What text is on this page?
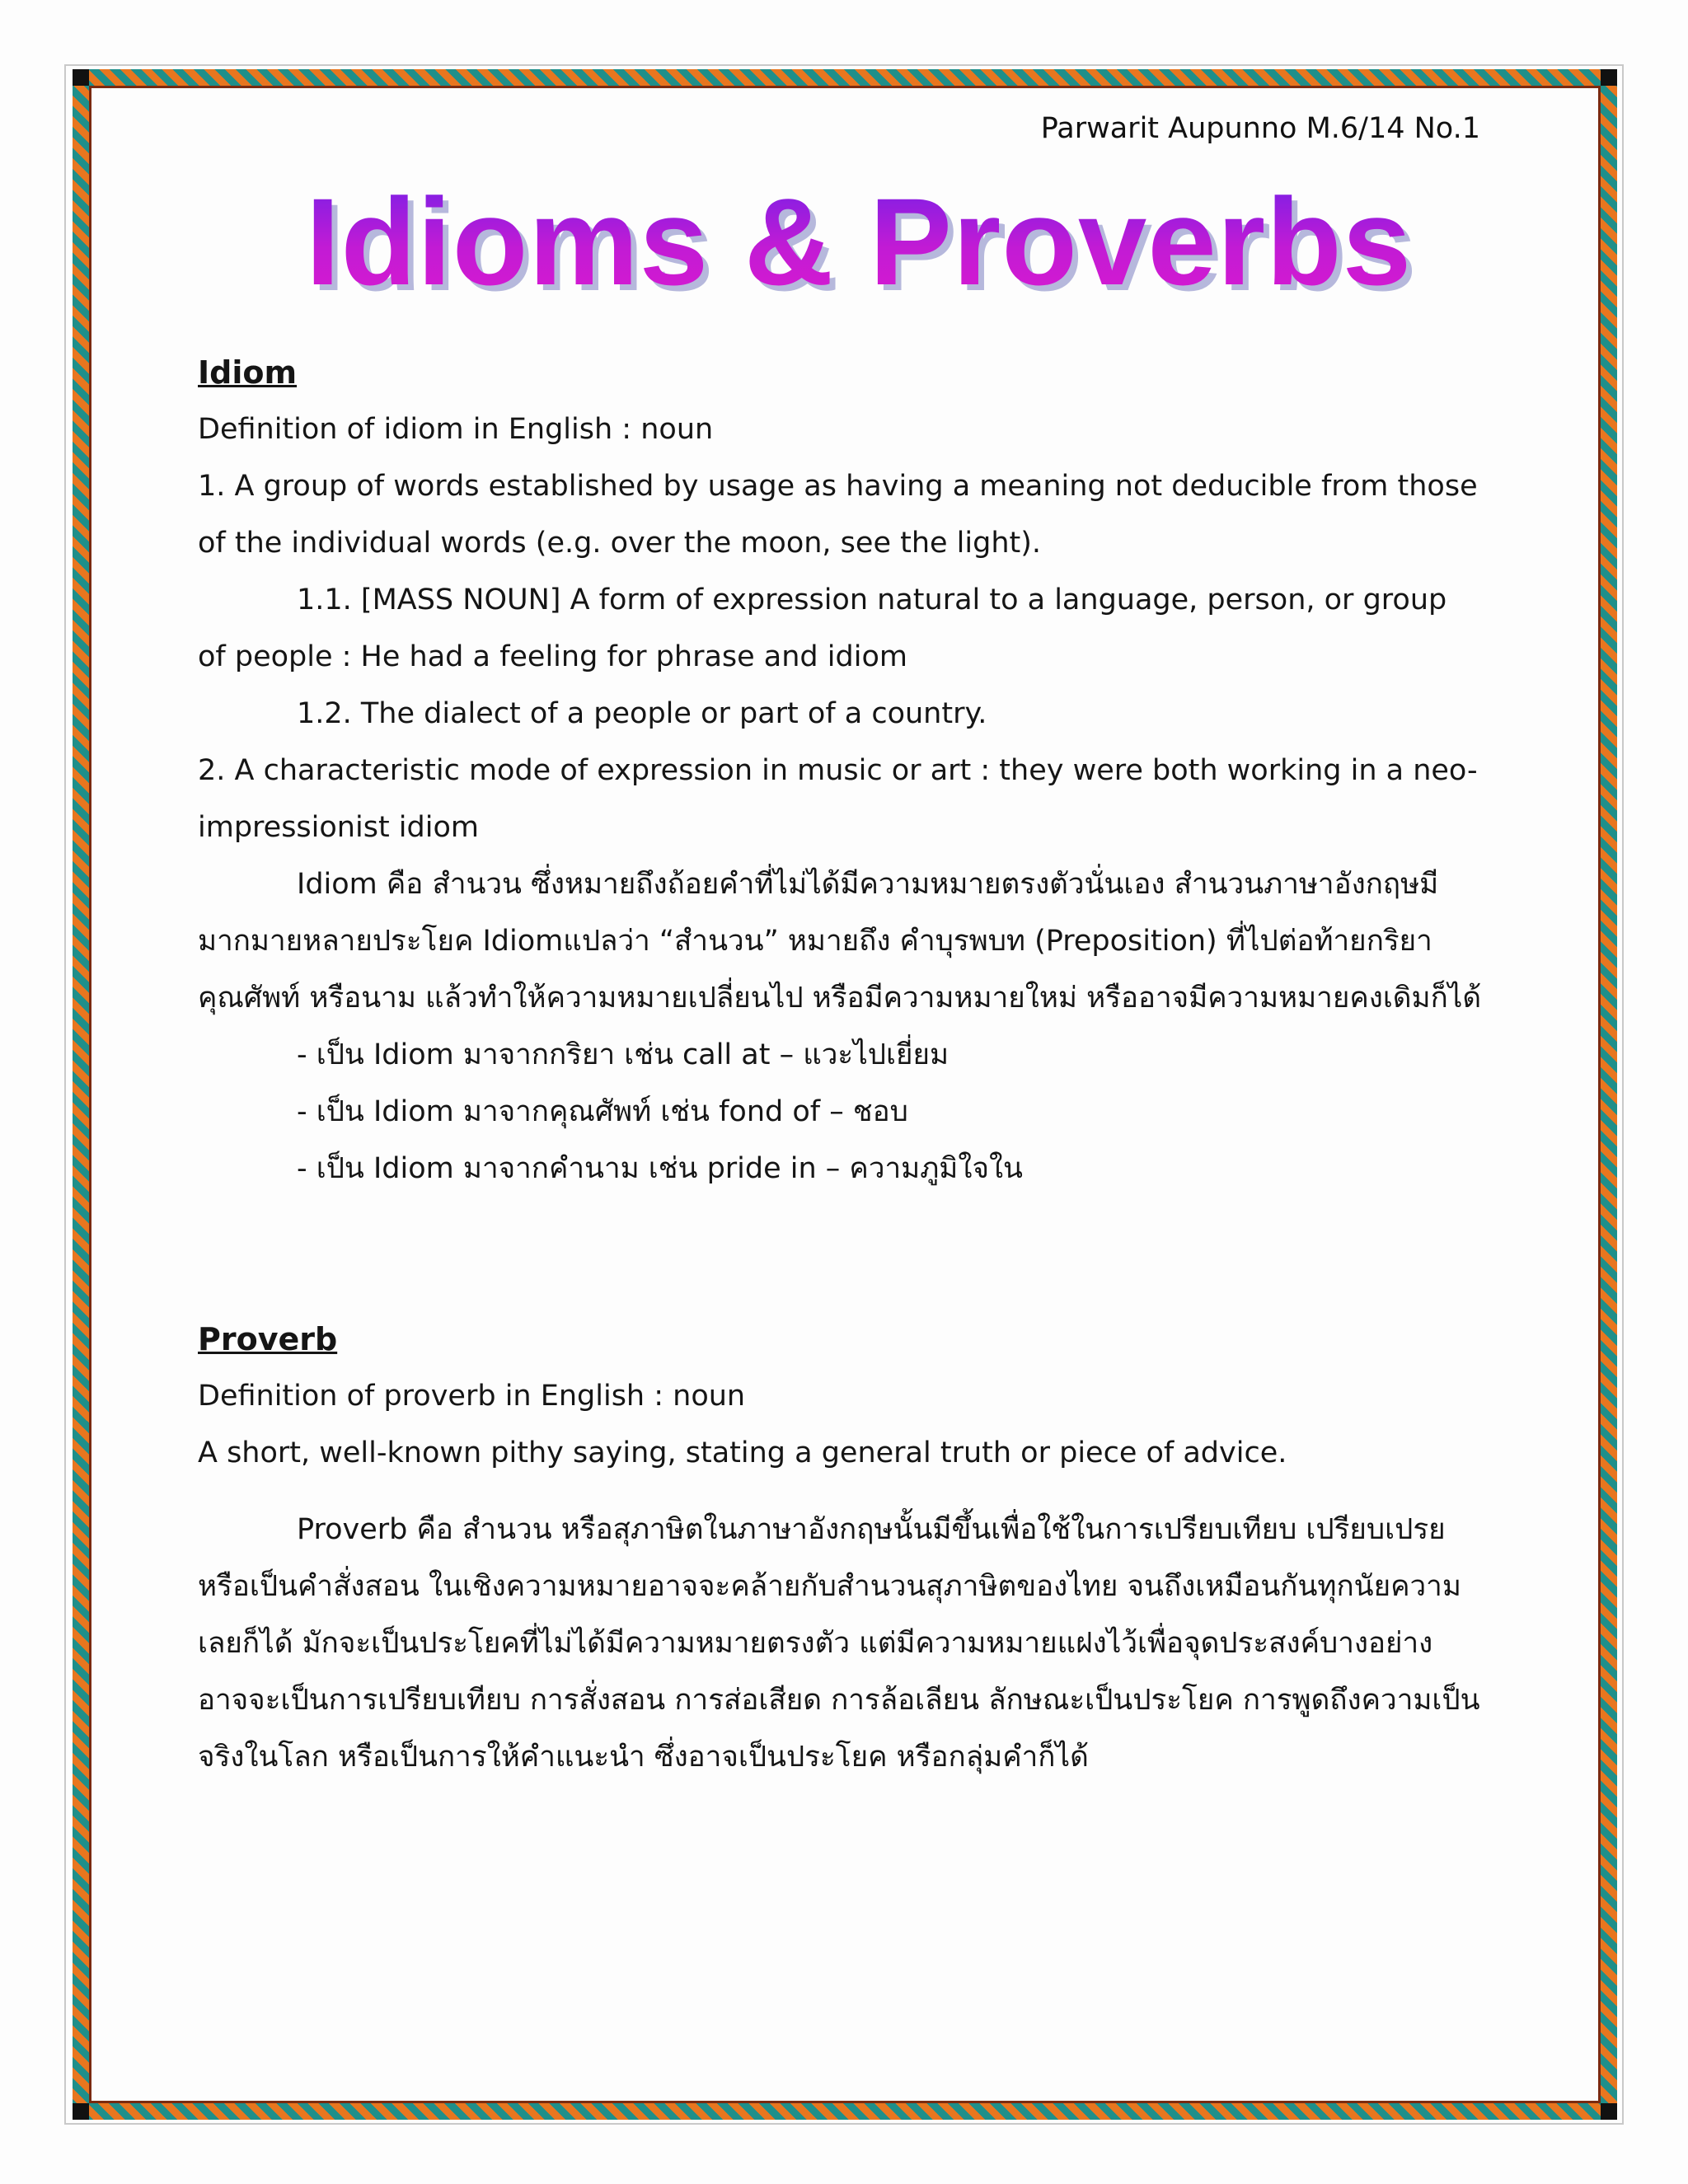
Parwarit Aupunno M.6/14 No.1
Idioms & Proverbs

Idiom

Definition of idiom in English : noun

1. A group of words established by usage as having a meaning not deducible from those of the individual words (e.g. over the moon, see the light).

1.1. [MASS NOUN] A form of expression natural to a language, person, or group of people : He had a feeling for phrase and idiom

1.2. The dialect of a people or part of a country.

2. A characteristic mode of expression in music or art : they were both working in a neo-impressionist idiom

Idiom คือ สำนวน ซึ่งหมายถึงถ้อยคำที่ไม่ได้มีความหมายตรงตัวนั่นเอง สำนวนภาษาอังกฤษมีมากมายหลายประโยค Idiomแปลว่า “สำนวน” หมายถึง คำบุรพบท (Preposition) ที่ไปต่อท้ายกริยา คุณศัพท์ หรือนาม แล้วทำให้ความหมายเปลี่ยนไป หรือมีความหมายใหม่ หรืออาจมีความหมายคงเดิมก็ได้

- เป็น Idiom มาจากกริยา เช่น call at – แวะไปเยี่ยม

- เป็น Idiom มาจากคุณศัพท์ เช่น fond of – ชอบ

- เป็น Idiom มาจากคำนาม เช่น pride in – ความภูมิใจใน

Proverb

Definition of proverb in English : noun

A short, well-known pithy saying, stating a general truth or piece of advice.

Proverb คือ สำนวน หรือสุภาษิตในภาษาอังกฤษนั้นมีขึ้นเพื่อใช้ในการเปรียบเทียบ เปรียบเปรย หรือเป็นคำสั่งสอน ในเชิงความหมายอาจจะคล้ายกับสำนวนสุภาษิตของไทย จนถึงเหมือนกันทุกนัยความเลยก็ได้ มักจะเป็นประโยคที่ไม่ได้มีความหมายตรงตัว แต่มีความหมายแฝงไว้เพื่อจุดประสงค์บางอย่าง อาจจะเป็นการเปรียบเทียบ การสั่งสอน การส่อเสียด การล้อเลียน ลักษณะเป็นประโยค การพูดถึงความเป็นจริงในโลก หรือเป็นการให้คำแนะนำ ซึ่งอาจเป็นประโยค หรือกลุ่มคำก็ได้
